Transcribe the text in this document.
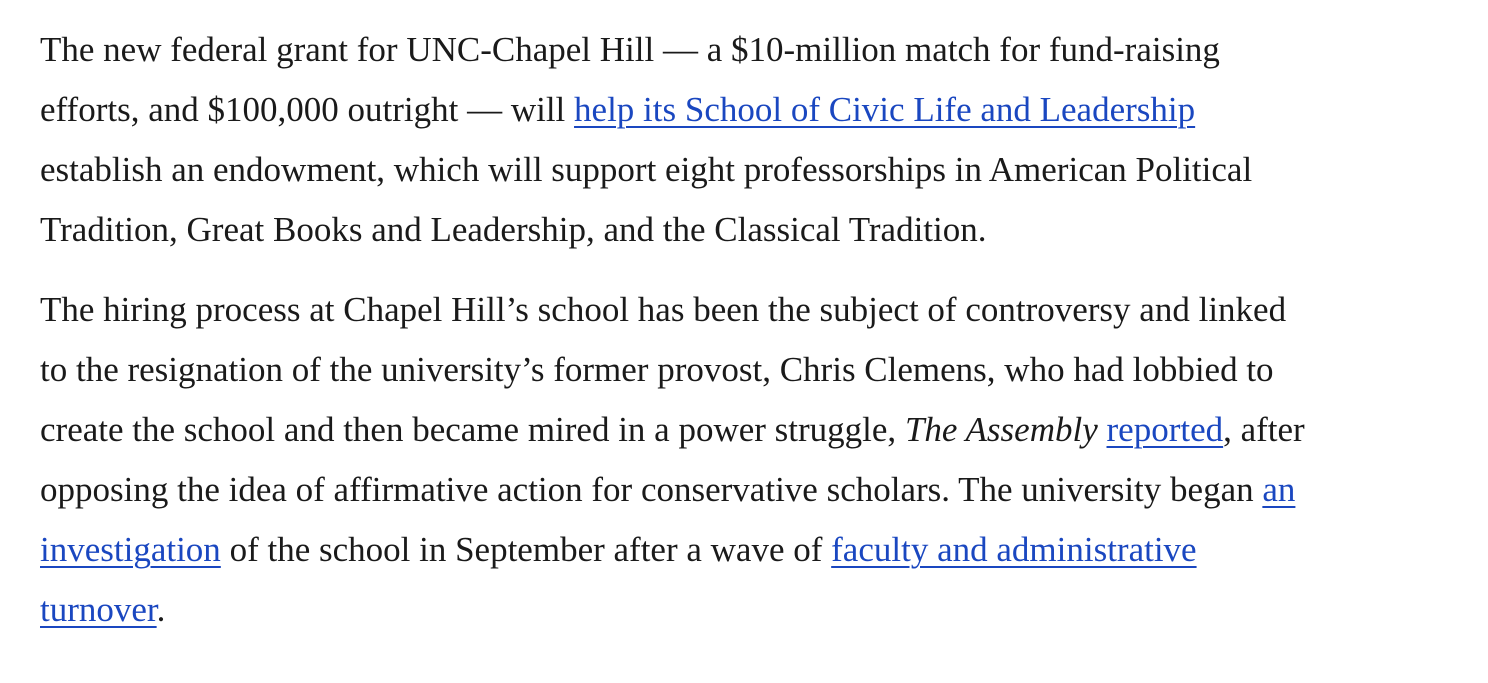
The new federal grant for UNC-Chapel Hill — a $10-million match for fund-raising
efforts, and $100,000 outright — will help its School of Civic Life and Leadership
establish an endowment, which will support eight professorships in American Political
Tradition, Great Books and Leadership, and the Classical Tradition.

The hiring process at Chapel Hill’s school has been the subject of controversy and linked
to the resignation of the university’s former provost, Chris Clemens, who had lobbied to
create the school and then became mired in a power struggle, The Assembly reported, after
opposing the idea of affirmative action for conservative scholars. The university began an
investigation of the school in September after a wave of faculty and administrative
turnover.
